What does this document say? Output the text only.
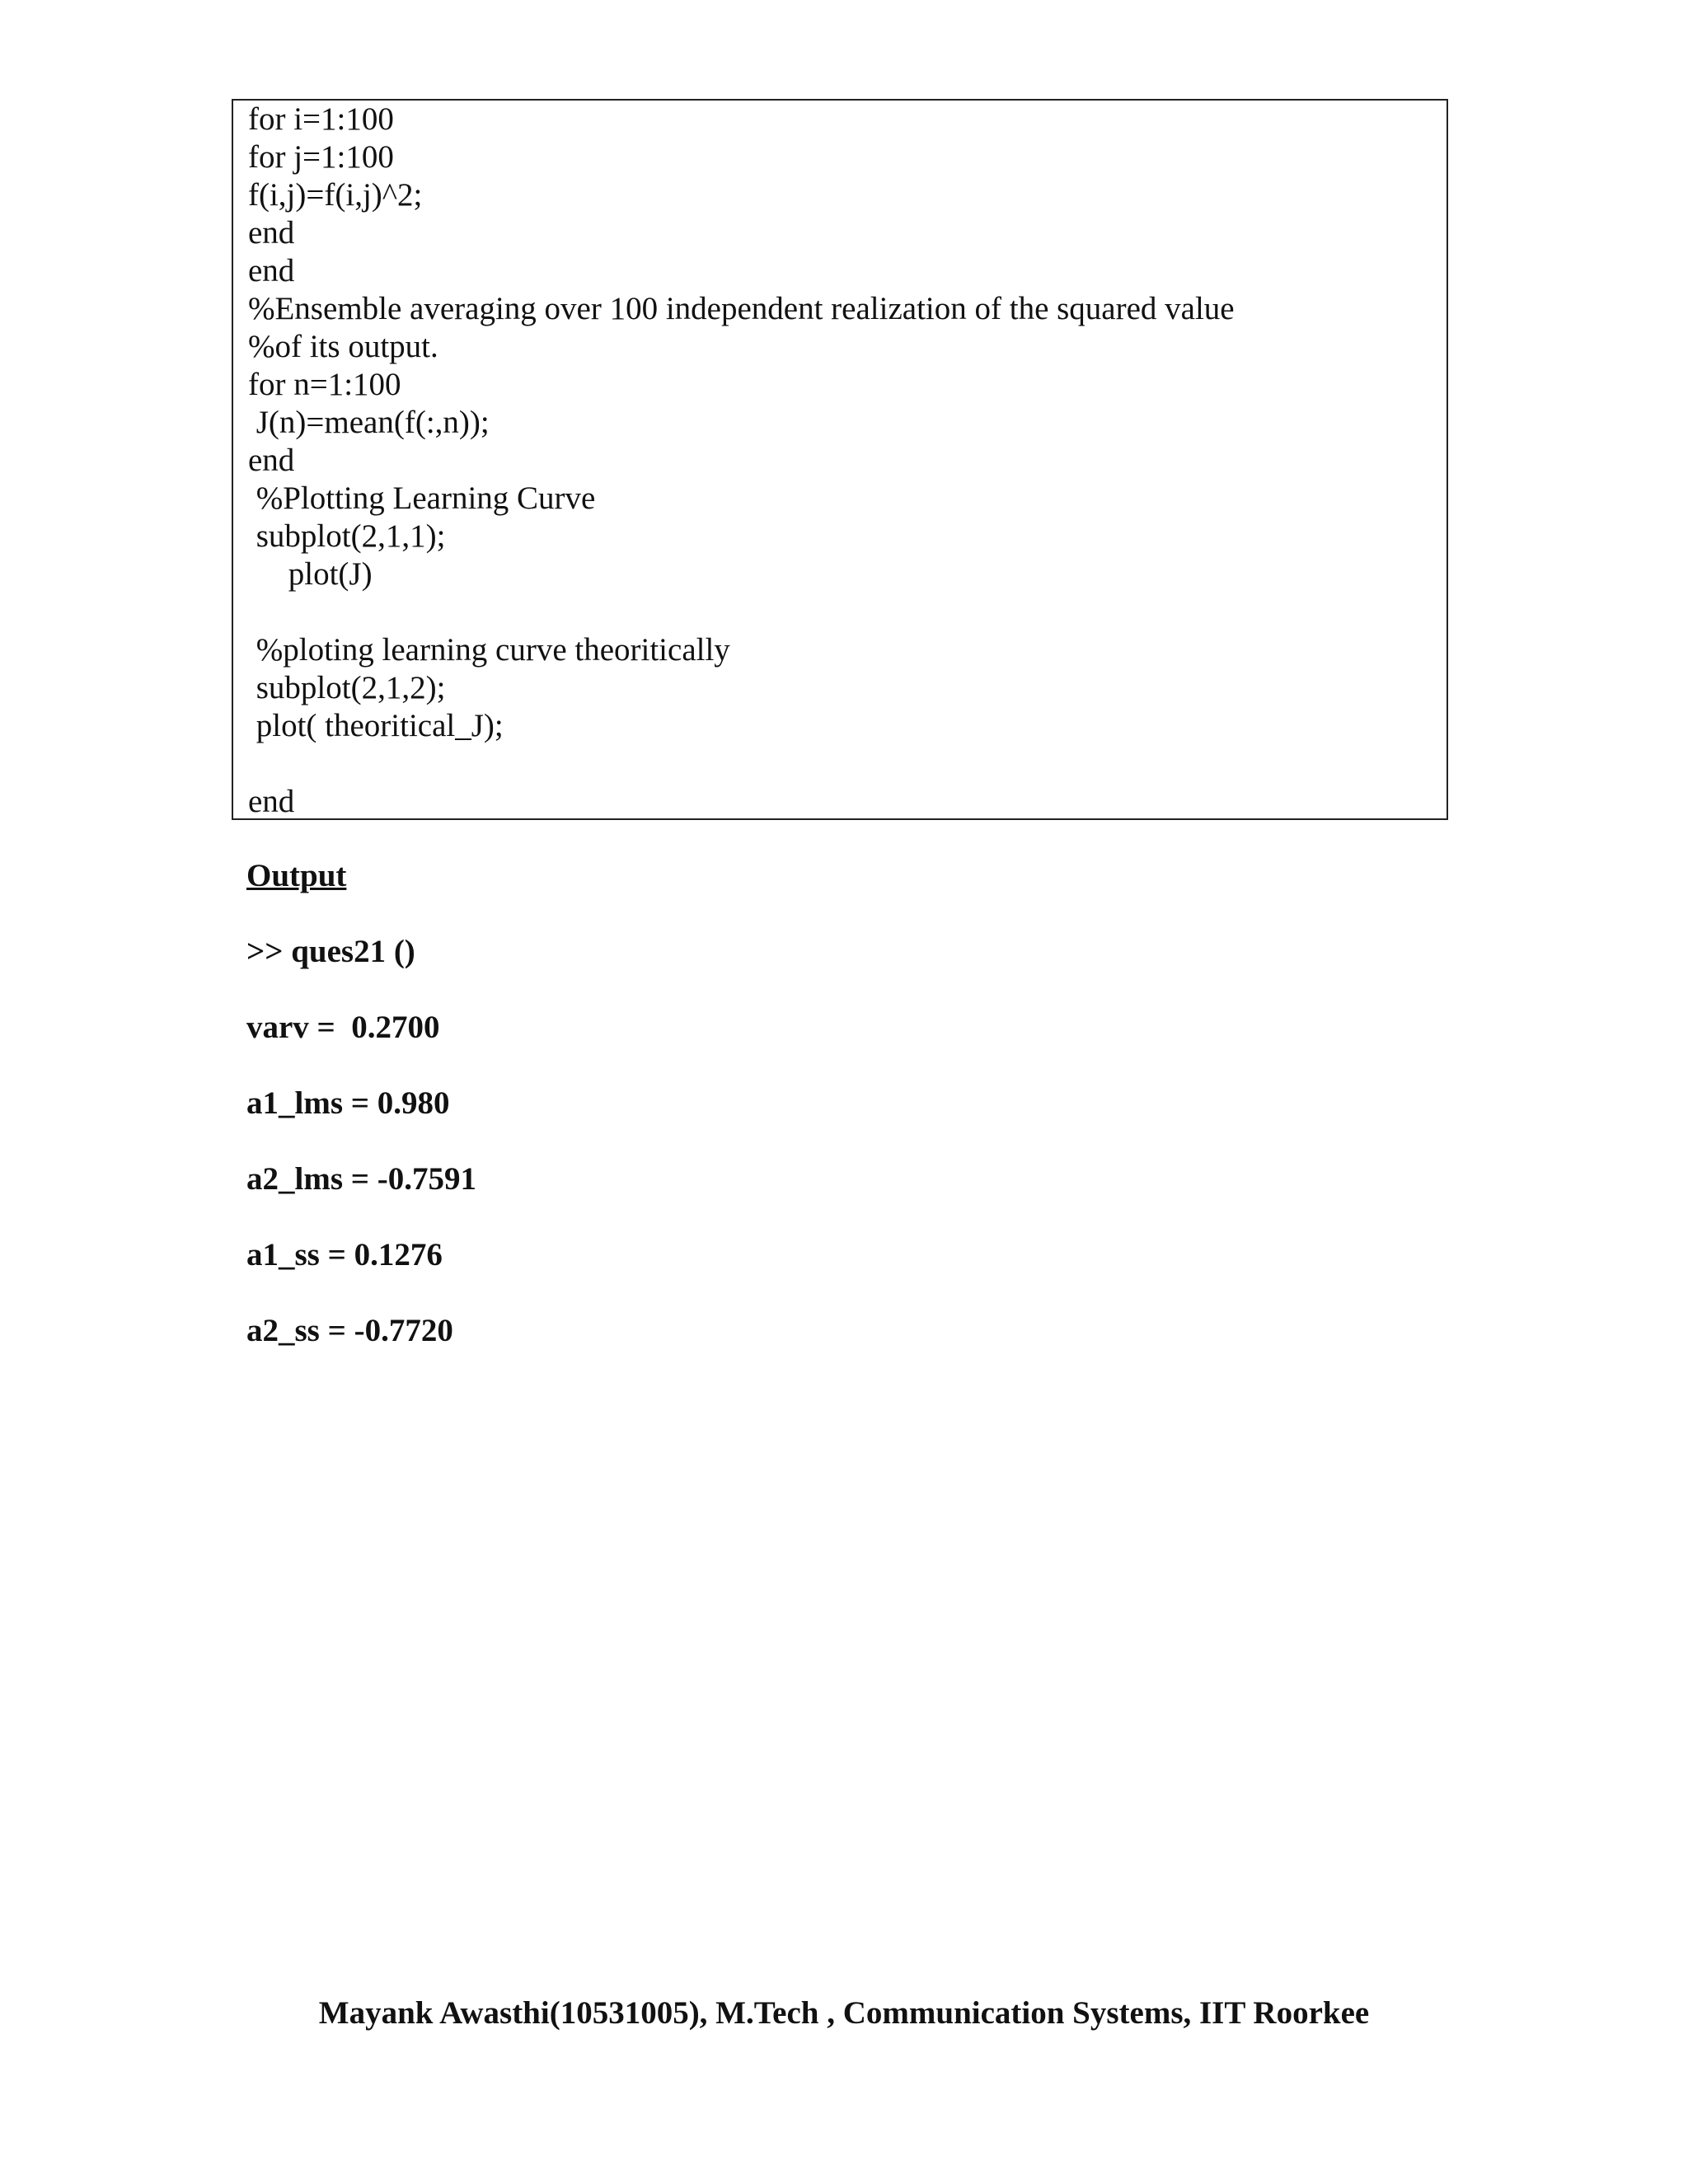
for i=1:100
for j=1:100
f(i,j)=f(i,j)^2;
end
end
%Ensemble averaging over 100 independent realization of the squared value
%of its output.
for n=1:100
J(n)=mean(f(:,n));
end
%Plotting Learning Curve
subplot(2,1,1);
plot(J)
%ploting learning curve theoritically
subplot(2,1,2);
plot( theoritical_J);
end
Output
>> ques21 ()
varv =  0.2700
a1_lms = 0.980
a2_lms = -0.7591
a1_ss = 0.1276
a2_ss = -0.7720
Mayank Awasthi(10531005), M.Tech , Communication Systems, IIT Roorkee
